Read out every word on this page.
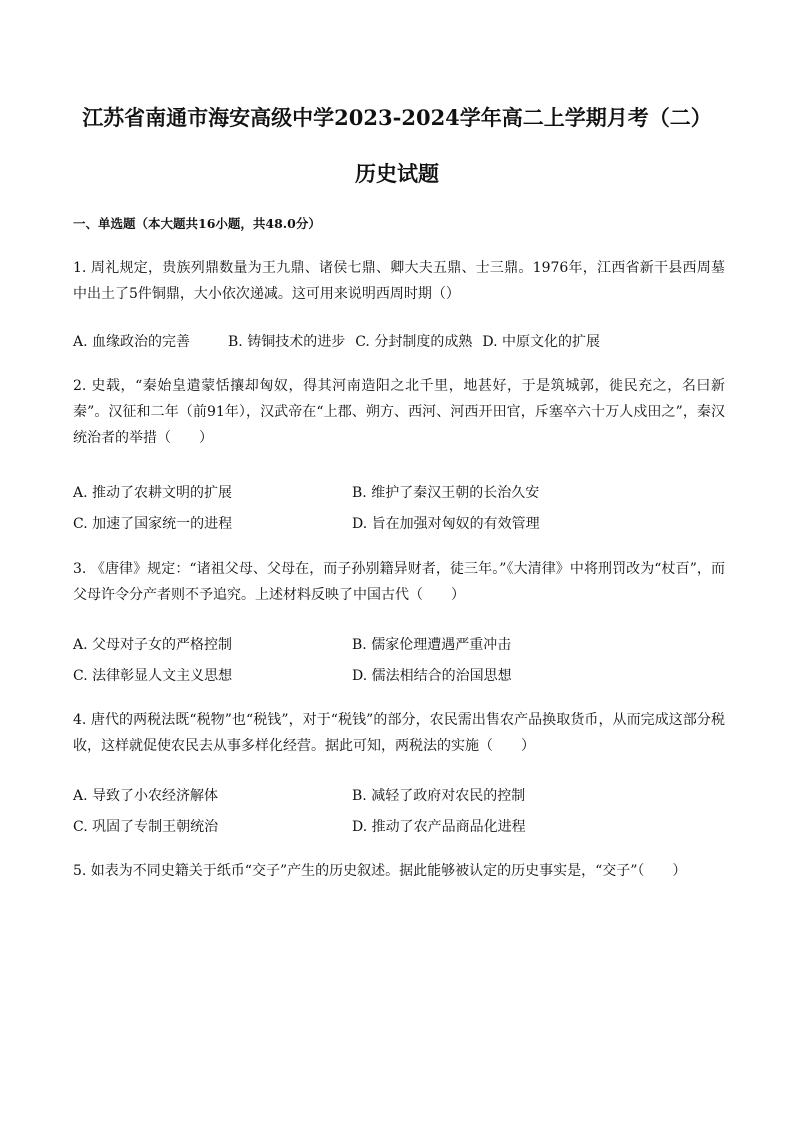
江苏省南通市海安高级中学2023-2024学年高二上学期月考（二）
历史试题
一、单选题（本大题共16小题，共48.0分）
1. 周礼规定，贵族列鼎数量为王九鼎、诸侯七鼎、卿大夫五鼎、士三鼎。1976年，江西省新干县西周墓中出土了5件铜鼎，大小依次递减。这可用来说明西周时期（）
A. 血缘政治的完善	B. 铸铜技术的进步 C. 分封制度的成熟 D. 中原文化的扩展
2. 史载，“秦始皇遣蒙恬攘却匈奴，得其河南造阳之北千里，地甚好，于是筑城郭，徙民充之，名曰新秦”。汉征和二年（前91年），汉武帝在“上郡、朔方、西河、河西开田官，斥塞卒六十万人戍田之”，秦汉统治者的举措（　　）
A. 推动了农耕文明的扩展	B. 维护了秦汉王朝的长治久安
C. 加速了国家统一的进程	D. 旨在加强对匈奴的有效管理
3. 《唐律》规定：“诸祖父母、父母在，而子孙别籍异财者，徒三年。”《大清律》中将刑罚改为“杖百”，而父母许令分产者则不予追究。上述材料反映了中国古代（　　）
A. 父母对子女的严格控制	B. 儒家伦理遭遇严重冲击
C. 法律彰显人文主义思想	D. 儒法相结合的治国思想
4. 唐代的两税法既“税物”也“税钱”，对于“税钱”的部分，农民需出售农产品换取货币，从而完成这部分税收，这样就促使农民去从事多样化经营。据此可知，两税法的实施（　　）
A. 导致了小农经济解体	B. 减轻了政府对农民的控制
C. 巩固了专制王朝统治	D. 推动了农产品商品化进程
5. 如表为不同史籍关于纸币“交子”产生的历史叙述。据此能够被认定的历史事实是，“交子”（　　）
